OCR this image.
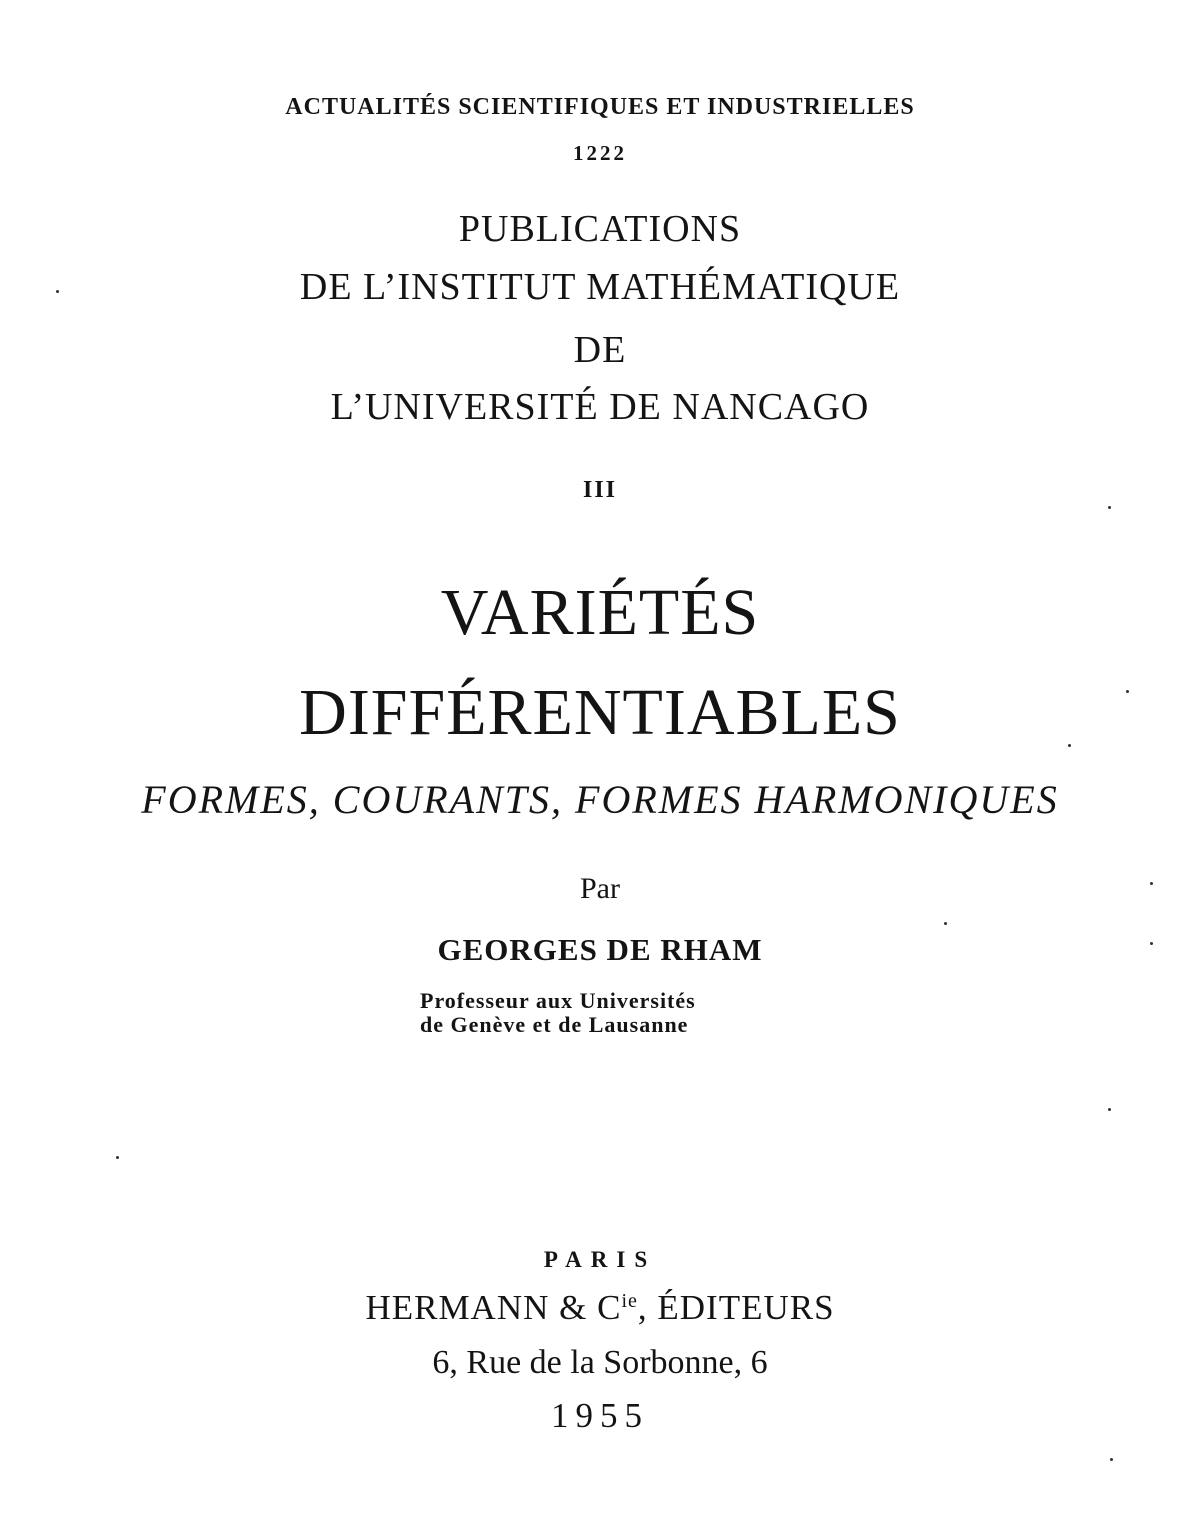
ACTUALITÉS SCIENTIFIQUES ET INDUSTRIELLES
1222
PUBLICATIONS
DE L’INSTITUT MATHÉMATIQUE
DE
L’UNIVERSITÉ DE NANCAGO
III
VARIÉTÉS
DIFFÉRENTIABLES
FORMES, COURANTS, FORMES HARMONIQUES
Par
GEORGES DE RHAM
Professeur aux Universités
de Genève et de Lausanne
PARIS
HERMANN & $C^{ie}$, ÉDITEURS
6, Rue de la Sorbonne, 6
1955
